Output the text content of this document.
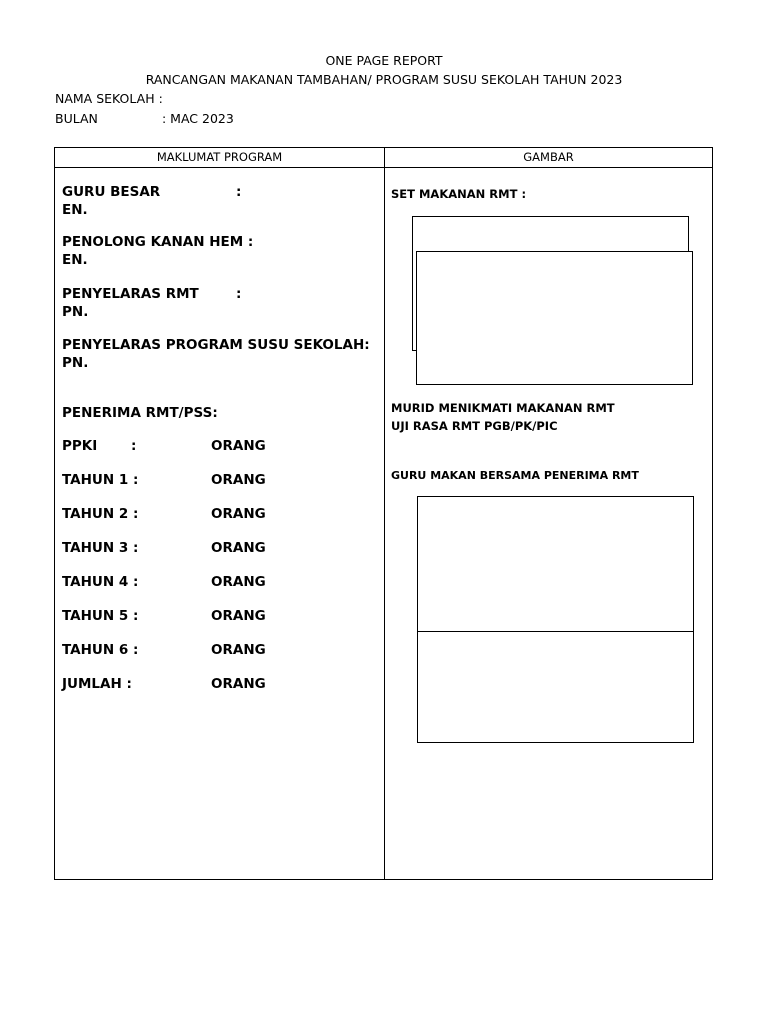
ONE PAGE REPORT
RANCANGAN MAKANAN TAMBAHAN/ PROGRAM SUSU SEKOLAH TAHUN 2023
NAMA SEKOLAH :
BULAN	: MAC 2023
MAKLUMAT PROGRAM	GAMBAR
GURU BESAR	:
EN.
PENOLONG KANAN HEM :
EN.
PENYELARAS RMT	:
PN.
PENYELARAS PROGRAM SUSU SEKOLAH:
PN.
PENERIMA RMT/PSS:
PPKI :	ORANG
TAHUN 1 :	ORANG
TAHUN 2 :	ORANG
TAHUN 3 :	ORANG
TAHUN 4 :	ORANG
TAHUN 5 :	ORANG
TAHUN 6 :	ORANG
JUMLAH :	ORANG
SET MAKANAN RMT :
MURID MENIKMATI MAKANAN RMT
UJI RASA RMT PGB/PK/PIC
GURU MAKAN BERSAMA PENERIMA RMT
